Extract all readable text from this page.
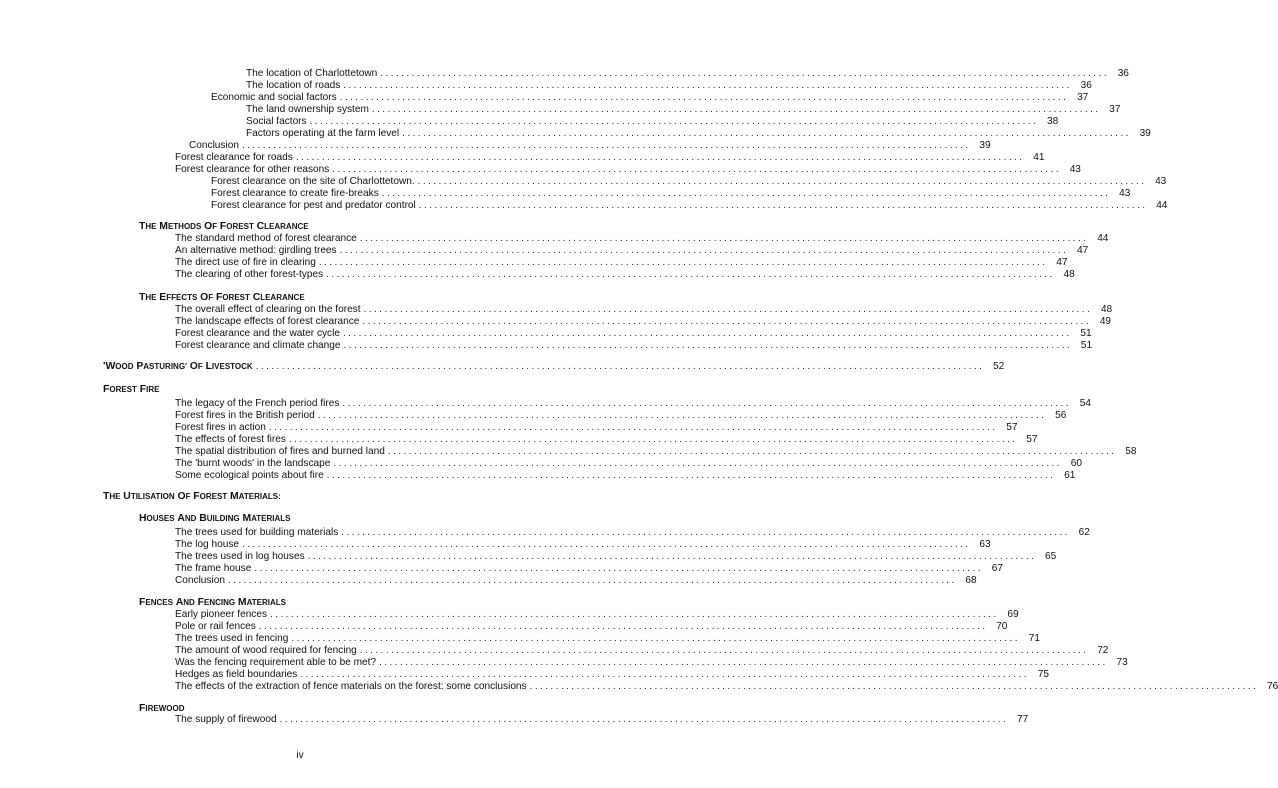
The location of Charlottetown ............................................................................................................................................ 36
The location of roads ............................................................................................................................................ 36
Economic and social factors ............................................................................................................................................ 37
The land ownership system ............................................................................................................................................ 37
Social factors ............................................................................................................................................ 38
Factors operating at the farm level ............................................................................................................................................ 39
Conclusion ............................................................................................................................................ 39
Forest clearance for roads ............................................................................................................................................ 41
Forest clearance for other reasons ............................................................................................................................................ 43
Forest clearance on the site of Charlottetown. ............................................................................................................................................ 43
Forest clearance to create fire-breaks ............................................................................................................................................ 43
Forest clearance for pest and predator control ............................................................................................................................................ 44
THE METHODS OF FOREST CLEARANCE
The standard method of forest clearance ............................................................................................................................................ 44
An alternative method: girdling trees ............................................................................................................................................ 47
The direct use of fire in clearing ............................................................................................................................................ 47
The clearing of other forest-types ............................................................................................................................................ 48
THE EFFECTS OF FOREST CLEARANCE
The overall effect of clearing on the forest ............................................................................................................................................ 48
The landscape effects of forest clearance ............................................................................................................................................ 49
Forest clearance and the water cycle ............................................................................................................................................ 51
Forest clearance and climate change ............................................................................................................................................ 51
'WOOD PASTURING' OF LIVESTOCK ............................................................................................................................................ 52
FOREST FIRE
The legacy of the French period fires ............................................................................................................................................ 54
Forest fires in the British period ............................................................................................................................................ 56
Forest fires in action ............................................................................................................................................ 57
The effects of forest fires ............................................................................................................................................ 57
The spatial distribution of fires and burned land ............................................................................................................................................ 58
The 'burnt woods' in the landscape ............................................................................................................................................ 60
Some ecological points about fire ............................................................................................................................................ 61
THE UTILISATION OF FOREST MATERIALS:
HOUSES AND BUILDING MATERIALS
The trees used for building materials ............................................................................................................................................ 62
The log house ............................................................................................................................................ 63
The trees used in log houses ............................................................................................................................................ 65
The frame house ............................................................................................................................................ 67
Conclusion ............................................................................................................................................ 68
FENCES AND FENCING MATERIALS
Early pioneer fences ............................................................................................................................................ 69
Pole or rail fences ............................................................................................................................................ 70
The trees used in fencing ............................................................................................................................................ 71
The amount of wood required for fencing ............................................................................................................................................ 72
Was the fencing requirement able to be met? ............................................................................................................................................ 73
Hedges as field boundaries ............................................................................................................................................ 75
The effects of the extraction of fence materials on the forest: some conclusions ............................................................................................................................................ 76
FIREWOOD
The supply of firewood ............................................................................................................................................ 77
iv
